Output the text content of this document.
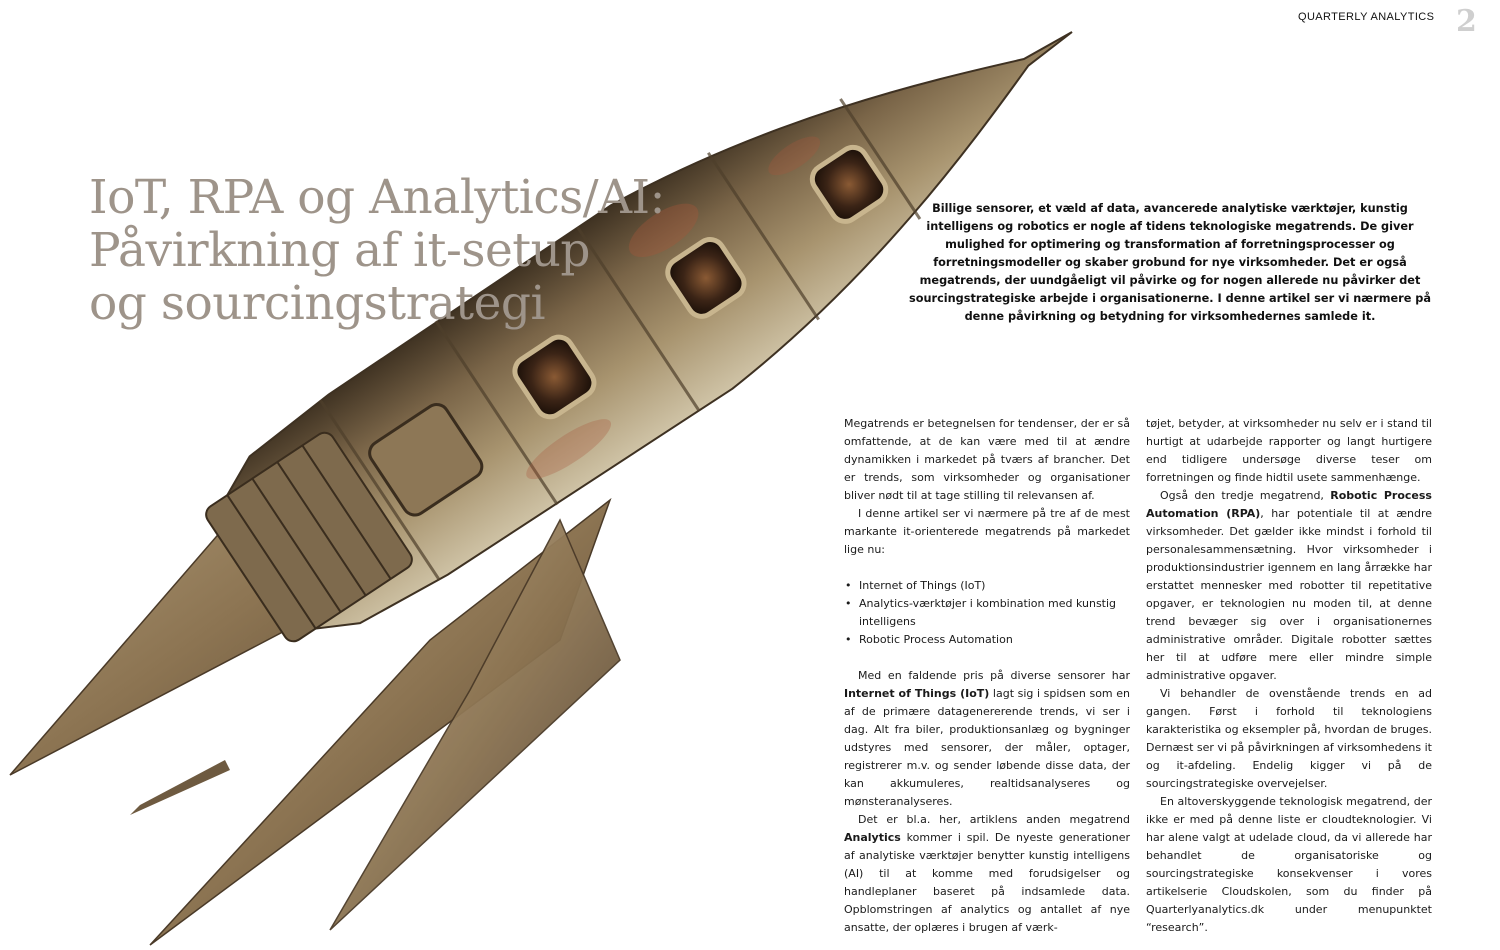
QUARTERLY ANALYTICS 2
IoT, RPA og Analytics/AI:
Påvirkning af it-setup
og sourcingstrategi

Billige sensorer, et væld af data, avancerede analytiske værktøjer, kunstig intelligens og robotics er nogle af tidens teknologiske megatrends. De giver mulighed for optimering og transformation af forretningsprocesser og forretningsmodeller og skaber grobund for nye virksomheder. Det er også megatrends, der uundgåeligt vil påvirke og for nogen allerede nu påvirker det sourcingstrategiske arbejde i organisationerne. I denne artikel ser vi nærmere på denne påvirkning og betydning for virksomhedernes samlede it.

Megatrends er betegnelsen for tendenser, der er så omfattende, at de kan være med til at ændre dynamikken i markedet på tværs af brancher. Det er trends, som virksomheder og organisationer bliver nødt til at tage stilling til relevansen af.

I denne artikel ser vi nærmere på tre af de mest markante it-orienterede megatrends på markedet lige nu:

• Internet of Things (IoT)
• Analytics-værktøjer i kombination med kunstig intelligens
• Robotic Process Automation

Med en faldende pris på diverse sensorer har Internet of Things (IoT) lagt sig i spidsen som en af de primære datagenererende trends, vi ser i dag. Alt fra biler, produktionsanlæg og bygninger udstyres med sensorer, der måler, optager, registrerer m.v. og sender løbende disse data, der kan akkumuleres, realtidsanalyseres og mønsteranalyseres.

Det er bl.a. her, artiklens anden megatrend Analytics kommer i spil. De nyeste generationer af analytiske værktøjer benytter kunstig intelligens (AI) til at komme med forudsigelser og handleplaner baseret på indsamlede data. Opblomstringen af analytics og antallet af nye ansatte, der oplæres i brugen af værk-

tøjet, betyder, at virksomheder nu selv er i stand til hurtigt at udarbejde rapporter og langt hurtigere end tidligere undersøge diverse teser om forretningen og finde hidtil usete sammenhænge.

Også den tredje megatrend, Robotic Process Automation (RPA), har potentiale til at ændre virksomheder. Det gælder ikke mindst i forhold til personalesammensætning. Hvor virksomheder i produktionsindustrier igennem en lang årrække har erstattet mennesker med robotter til repetitative opgaver, er teknologien nu moden til, at denne trend bevæger sig over i organisationernes administrative områder. Digitale robotter sættes her til at udføre mere eller mindre simple administrative opgaver.

Vi behandler de ovenstående trends en ad gangen. Først i forhold til teknologiens karakteristika og eksempler på, hvordan de bruges. Dernæst ser vi på påvirkningen af virksomhedens it og it-afdeling. Endelig kigger vi på de sourcingstrategiske overvejelser.

En altoverskyggende teknologisk megatrend, der ikke er med på denne liste er cloudteknologier. Vi har alene valgt at udelade cloud, da vi allerede har behandlet de organisatoriske og sourcingstrategiske konsekvenser i vores artikelserie Cloudskolen, som du finder på Quarterlyanalytics.dk under menupunktet “research”.
